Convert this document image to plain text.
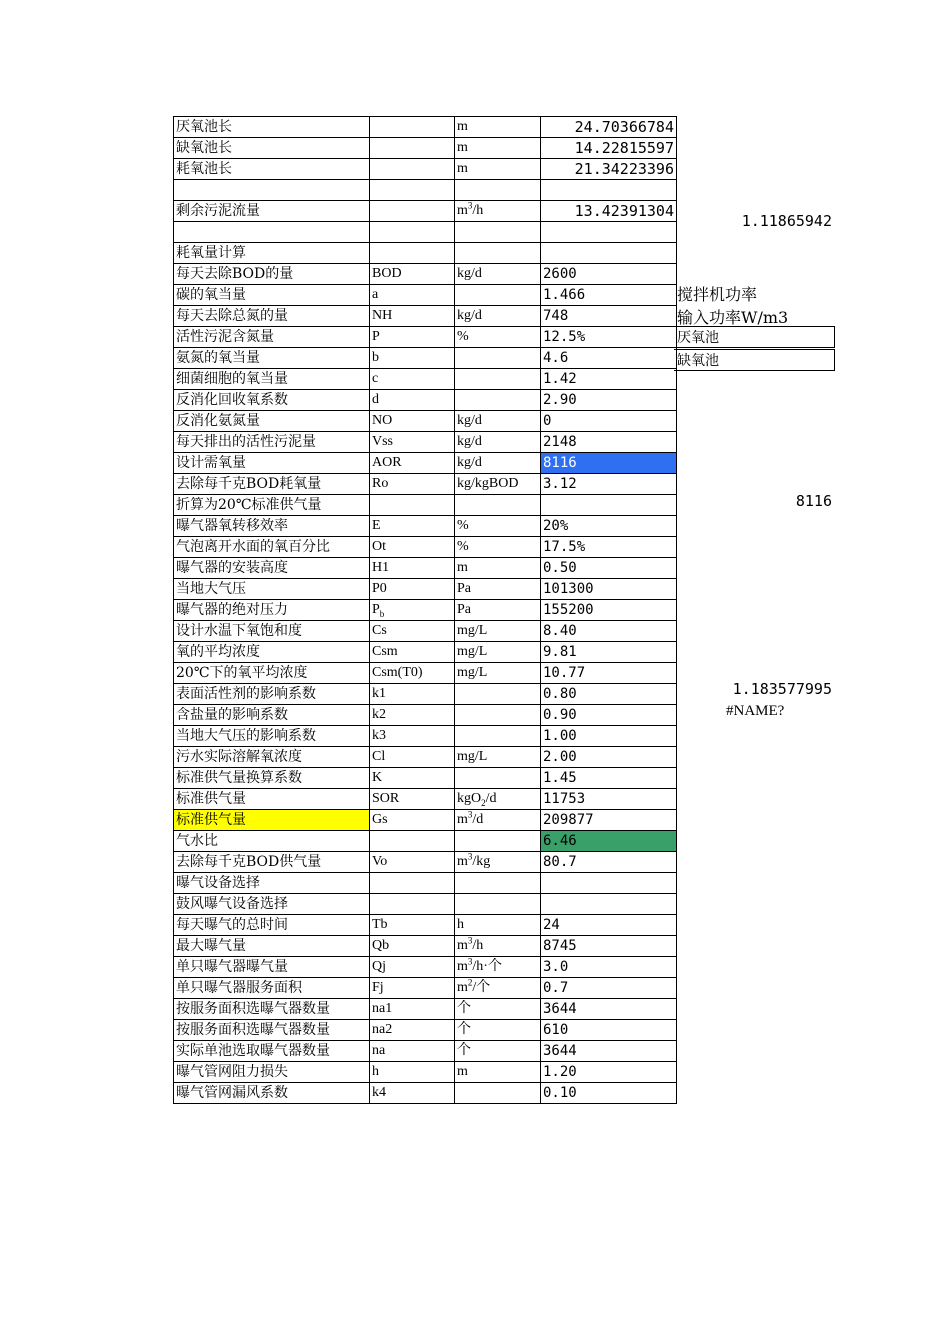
厌氧池长		m	24.70366784
缺氧池长		m	14.22815597
耗氧池长		m	21.34223396

剩余污泥流量		$m^3/h$	13.42391304

耗氧量计算			
每天去除BOD的量	BOD	kg/d	2600
碳的氧当量	a		1.466
每天去除总氮的量	NH	kg/d	748
活性污泥含氮量	P	%	12.5%
氨氮的氧当量	b		4.6
细菌细胞的氧当量	c		1.42
反消化回收氧系数	d		2.90
反消化氨氮量	NO	kg/d	0
每天排出的活性污泥量	Vss	kg/d	2148
设计需氧量	AOR	kg/d	8116
去除每千克BOD耗氧量	Ro	kg/kgBOD	3.12
折算为20℃标准供气量			
曝气器氧转移效率	E	%	20%
气泡离开水面的氧百分比	Ot	%	17.5%
曝气器的安装高度	H1	m	0.50
当地大气压	P0	Pa	101300
曝气器的绝对压力	$P_b$	Pa	155200
设计水温下氧饱和度	Cs	mg/L	8.40
氧的平均浓度	Csm	mg/L	9.81
20℃下的氧平均浓度	Csm(T0)	mg/L	10.77
表面活性剂的影响系数	k1		0.80
含盐量的影响系数	k2		0.90
当地大气压的影响系数	k3		1.00
污水实际溶解氧浓度	Cl	mg/L	2.00
标准供气量换算系数	K		1.45
标准供气量	SOR	kgO$_2$/d	11753
标准供气量	Gs	$m^3/d$	209877
气水比			6.46
去除每千克BOD供气量	Vo	$m^3/kg$	80.7
曝气设备选择			
鼓风曝气设备选择			
每天曝气的总时间	Tb	h	24
最大曝气量	Qb	$m^3/h$	8745
单只曝气器曝气量	Qj	$m^3/h\cdot$个	3.0
单只曝气器服务面积	Fj	$m^2/$个	0.7
按服务面积选曝气器数量	na1	个	3644
按服务面积选曝气器数量	na2	个	610
实际单池选取曝气器数量	na	个	3644
曝气管网阻力损失	h	m	1.20
曝气管网漏风系数	k4		0.10
1.11865942
搅拌机功率
输入功率W/m3
厌氧池
缺氧池
8116
1.183577995
#NAME?
